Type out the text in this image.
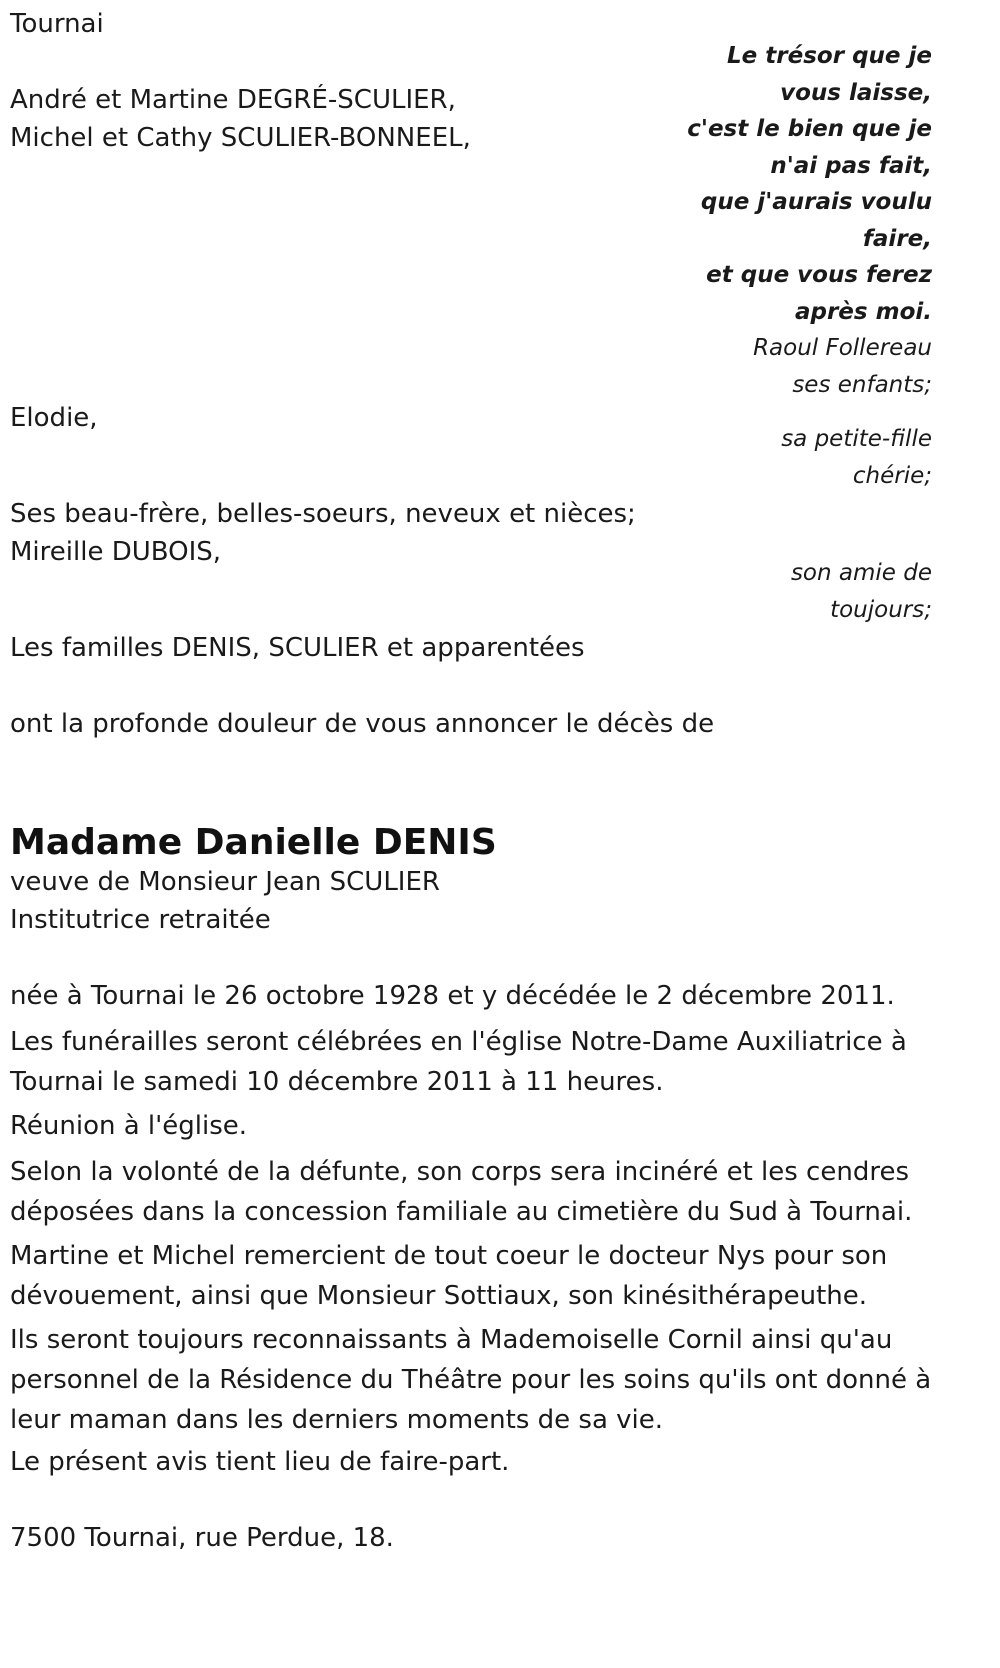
Tournai
André et Martine DEGRÉ-SCULIER,
Michel et Cathy SCULIER-BONNEEL,
Elodie,
Ses beau-frère, belles-soeurs, neveux et nièces;
Mireille DUBOIS,
Les familles DENIS, SCULIER et apparentées
Le trésor que je
vous laisse,
c'est le bien que je
n'ai pas fait,
que j'aurais voulu
faire,
et que vous ferez
après moi.
Raoul Follereau
ses enfants;
sa petite-fille
chérie;
son amie de
toujours;
ont la profonde douleur de vous annoncer le décès de
Madame Danielle DENIS
veuve de Monsieur Jean SCULIER
Institutrice retraitée
née à Tournai le 26 octobre 1928 et y décédée le 2 décembre 2011.
Les funérailles seront célébrées en l'église Notre-Dame Auxiliatrice à
Tournai le samedi 10 décembre 2011 à 11 heures.
Réunion à l'église.
Selon la volonté de la défunte, son corps sera incinéré et les cendres
déposées dans la concession familiale au cimetière du Sud à Tournai.
Martine et Michel remercient de tout coeur le docteur Nys pour son
dévouement, ainsi que Monsieur Sottiaux, son kinésithérapeuthe.
Ils seront toujours reconnaissants à Mademoiselle Cornil ainsi qu'au
personnel de la Résidence du Théâtre pour les soins qu'ils ont donné à
leur maman dans les derniers moments de sa vie.
Le présent avis tient lieu de faire-part.
7500 Tournai, rue Perdue, 18.
